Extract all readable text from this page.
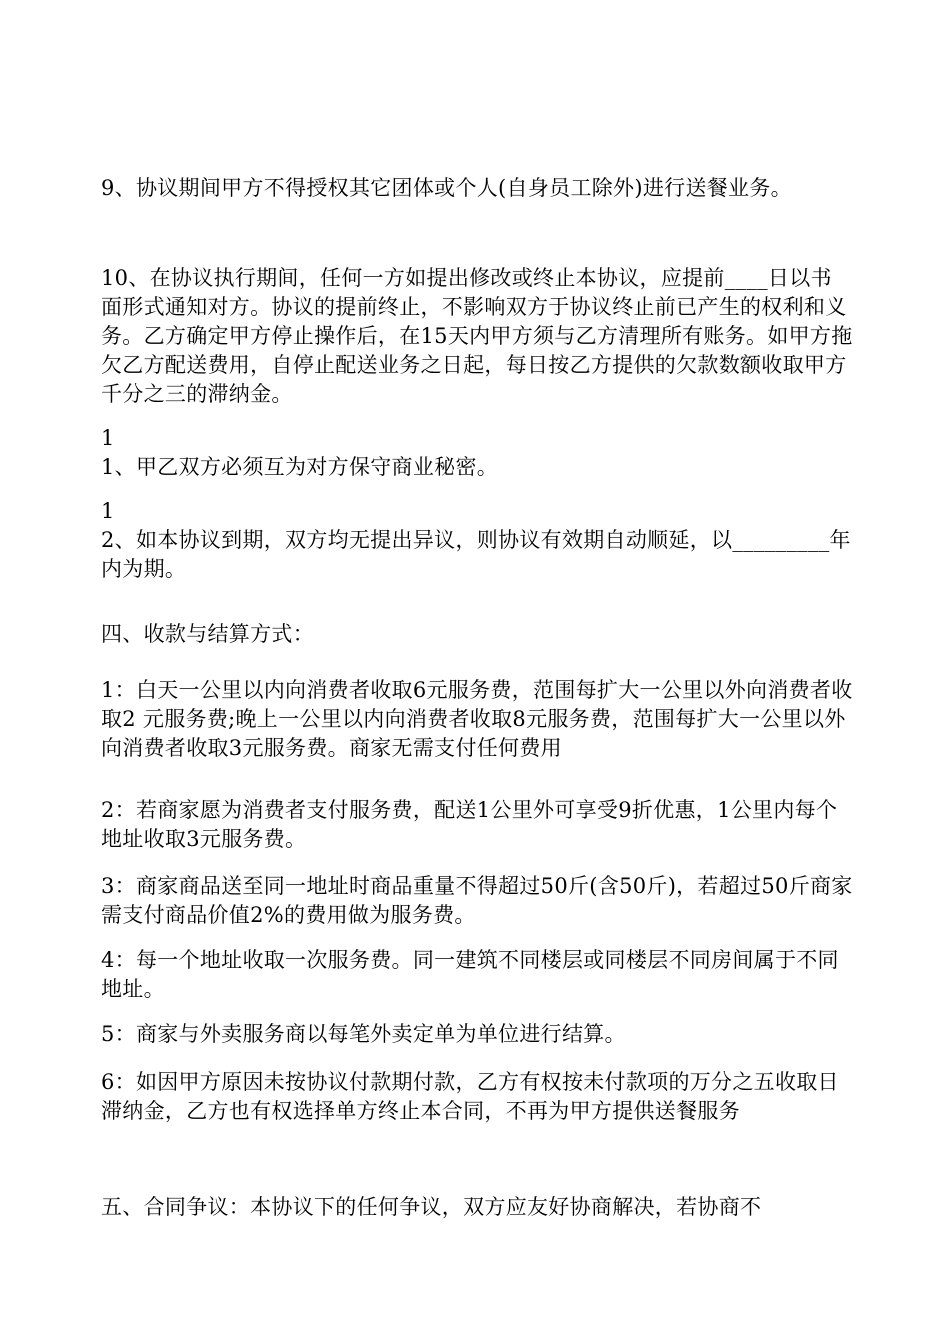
9、协议期间甲方不得授权其它团体或个人(自身员工除外)进行送餐业务。

10、在协议执行期间，任何一方如提出修改或终止本协议，应提前____日以书面形式通知对方。协议的提前终止，不影响双方于协议终止前已产生的权利和义务。乙方确定甲方停止操作后，在15天内甲方须与乙方清理所有账务。如甲方拖欠乙方配送费用，自停止配送业务之日起，每日按乙方提供的欠款数额收取甲方千分之三的滞纳金。

1
1、甲乙双方必须互为对方保守商业秘密。

1
2、如本协议到期，双方均无提出异议，则协议有效期自动顺延，以_________年内为期。

四、收款与结算方式：

1：白天一公里以内向消费者收取6元服务费，范围每扩大一公里以外向消费者收取2 元服务费;晚上一公里以内向消费者收取8元服务费，范围每扩大一公里以外向消费者收取3元服务费。商家无需支付任何费用

2：若商家愿为消费者支付服务费，配送1公里外可享受9折优惠，1公里内每个地址收取3元服务费。

3：商家商品送至同一地址时商品重量不得超过50斤(含50斤)，若超过50斤商家需支付商品价值2%的费用做为服务费。

4：每一个地址收取一次服务费。同一建筑不同楼层或同楼层不同房间属于不同地址。

5：商家与外卖服务商以每笔外卖定单为单位进行结算。

6：如因甲方原因未按协议付款期付款，乙方有权按未付款项的万分之五收取日滞纳金，乙方也有权选择单方终止本合同，不再为甲方提供送餐服务

五、合同争议：本协议下的任何争议，双方应友好协商解决，若协商不
